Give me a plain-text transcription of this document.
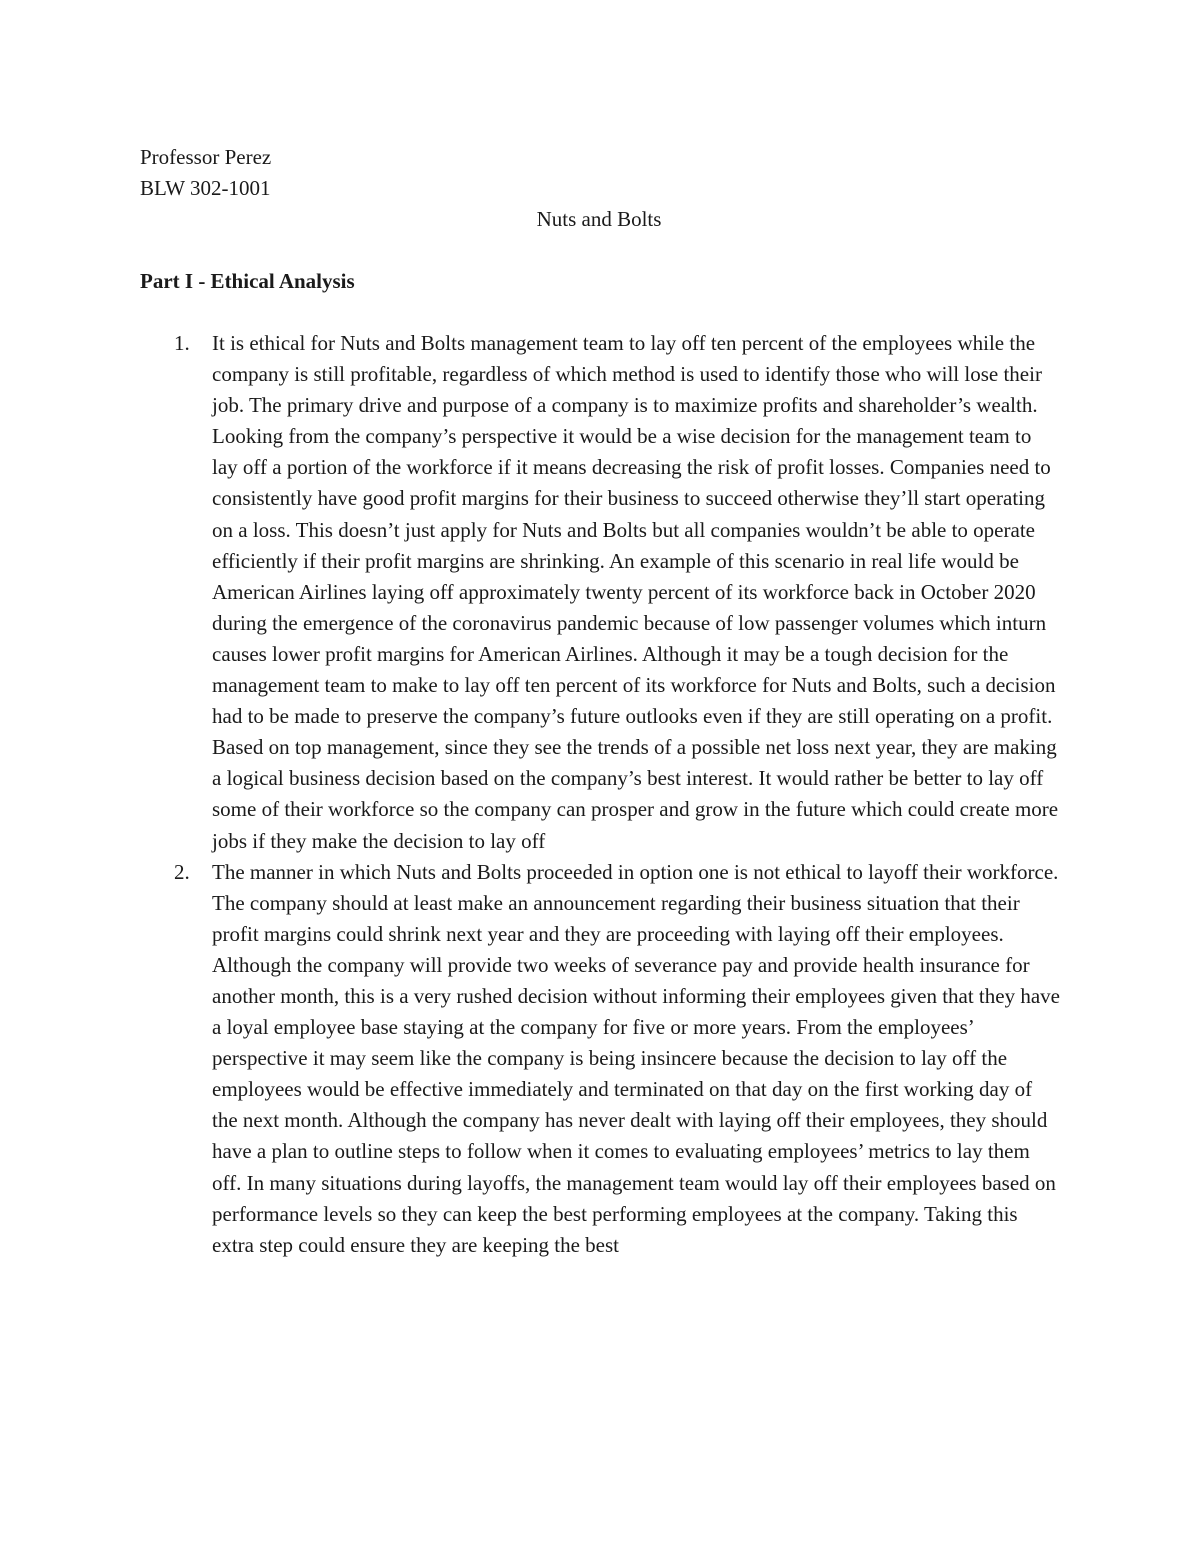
Professor Perez
BLW 302-1001
Nuts and Bolts
Part I - Ethical Analysis
1. It is ethical for Nuts and Bolts management team to lay off ten percent of the employees while the company is still profitable, regardless of which method is used to identify those who will lose their job. The primary drive and purpose of a company is to maximize profits and shareholder’s wealth. Looking from the company’s perspective it would be a wise decision for the management team to lay off a portion of the workforce if it means decreasing the risk of profit losses. Companies need to consistently have good profit margins for their business to succeed otherwise they’ll start operating on a loss. This doesn’t just apply for Nuts and Bolts but all companies wouldn’t be able to operate efficiently if their profit margins are shrinking. An example of this scenario in real life would be American Airlines laying off approximately twenty percent of its workforce back in October 2020 during the emergence of the coronavirus pandemic because of low passenger volumes which inturn causes lower profit margins for American Airlines. Although it may be a tough decision for the management team to make to lay off ten percent of its workforce for Nuts and Bolts, such a decision had to be made to preserve the company’s future outlooks even if they are still operating on a profit. Based on top management, since they see the trends of a possible net loss next year, they are making a logical business decision based on the company’s best interest. It would rather be better to lay off some of their workforce so the company can prosper and grow in the future which could create more jobs if they make the decision to lay off
2. The manner in which Nuts and Bolts proceeded in option one is not ethical to layoff their workforce. The company should at least make an announcement regarding their business situation that their profit margins could shrink next year and they are proceeding with laying off their employees. Although the company will provide two weeks of severance pay and provide health insurance for another month, this is a very rushed decision without informing their employees given that they have a loyal employee base staying at the company for five or more years. From the employees’ perspective it may seem like the company is being insincere because the decision to lay off the employees would be effective immediately and terminated on that day on the first working day of the next month. Although the company has never dealt with laying off their employees, they should have a plan to outline steps to follow when it comes to evaluating employees’ metrics to lay them off. In many situations during layoffs, the management team would lay off their employees based on performance levels so they can keep the best performing employees at the company. Taking this extra step could ensure they are keeping the best
